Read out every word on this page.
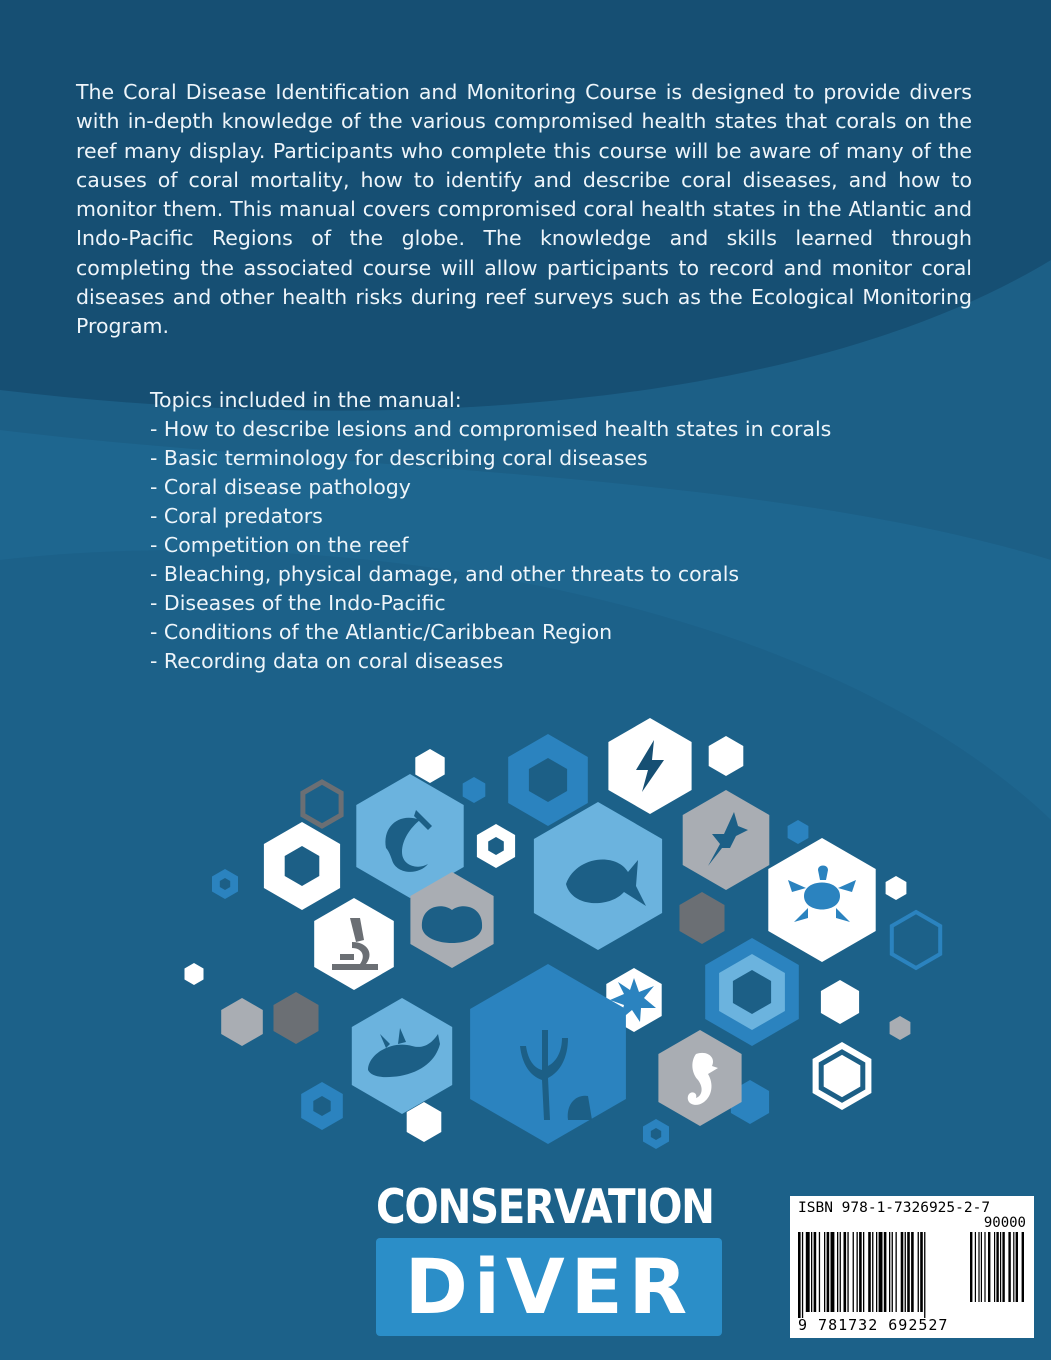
The Coral Disease Identification and Monitoring Course is designed to provide divers with in-depth knowledge of the various compromised health states that corals on the reef many display. Participants who complete this course will be aware of many of the causes of coral mortality, how to identify and describe coral diseases, and how to monitor them. This manual covers compromised coral health states in the Atlantic and Indo-Pacific Regions of the globe. The knowledge and skills learned through completing the associated course will allow participants to record and monitor coral diseases and other health risks during reef surveys such as the Ecological Monitoring Program.

Topics included in the manual:

- How to describe lesions and compromised health states in corals
- Basic terminology for describing coral diseases
- Coral disease pathology
- Coral predators
- Competition on the reef
- Bleaching, physical damage, and other threats to corals
- Diseases of the Indo-Pacific
- Conditions of the Atlantic/Caribbean Region
- Recording data on coral diseases
CONSERVATION
DiVER
ISBN 978-1-7326925-2-7
90000
9 781732 692527
